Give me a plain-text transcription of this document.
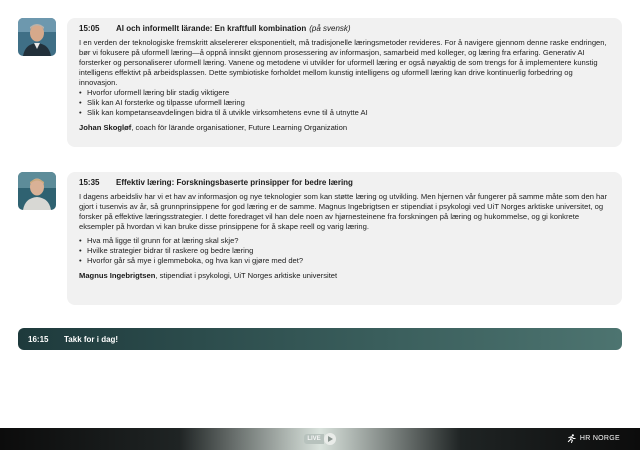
15:05	AI och informellt lärande: En kraftfull kombination (på svensk)

I en verden der teknologiske fremskritt akselererer eksponentielt, må tradisjonelle læringsmetoder revideres. For å navigere gjennom denne raske endringen, bør vi fokusere på uformell læring—å oppnå innsikt gjennom prosessering av informasjon, samarbeid med kolleger, og læring fra erfaring. Generativ AI forsterker og personaliserer uformell læring. Vanene og metodene vi utvikler for uformell læring er også nøyaktig de som trengs for å implementere kunstig intelligens effektivt på arbeidsplassen. Dette symbiotiske forholdet mellom kunstig intelligens og uformell læring kan drive kontinuerlig forbedring og innovasjon.

• Hvorfor uformell læring blir stadig viktigere
• Slik kan AI forsterke og tilpasse uformell læring
• Slik kan kompetanseavdelingen bidra til å utvikle virksomhetens evne til å utnytte AI

Johan Skogløf, coach för lärande organisationer, Future Learning Organization

15:35	Effektiv læring: Forskningsbaserte prinsipper for bedre læring

I dagens arbeidsliv har vi et hav av informasjon og nye teknologier som kan støtte læring og utvikling. Men hjernen vår fungerer på samme måte som den har gjort i tusenvis av år, så grunnprinsippene for god læring er de samme. Magnus Ingebrigtsen er stipendiat i psykologi ved UiT Norges arktiske universitet, og forsker på effektive læringsstrategier. I dette foredraget vil han dele noen av hjørnesteinene fra forskningen på læring og hukommelse, og gi konkrete eksempler på hvordan vi kan bruke disse prinsippene for å skape reell og varig læring.

• Hva må ligge til grunn for at læring skal skje?
• Hvilke strategier bidrar til raskere og bedre læring
• Hvorfor går så mye i glemmeboka, og hva kan vi gjøre med det?

Magnus Ingebrigtsen, stipendiat i psykologi, UiT Norges arktiske universitet

16:15	Takk for i dag!
LIVE	HR NORGE
